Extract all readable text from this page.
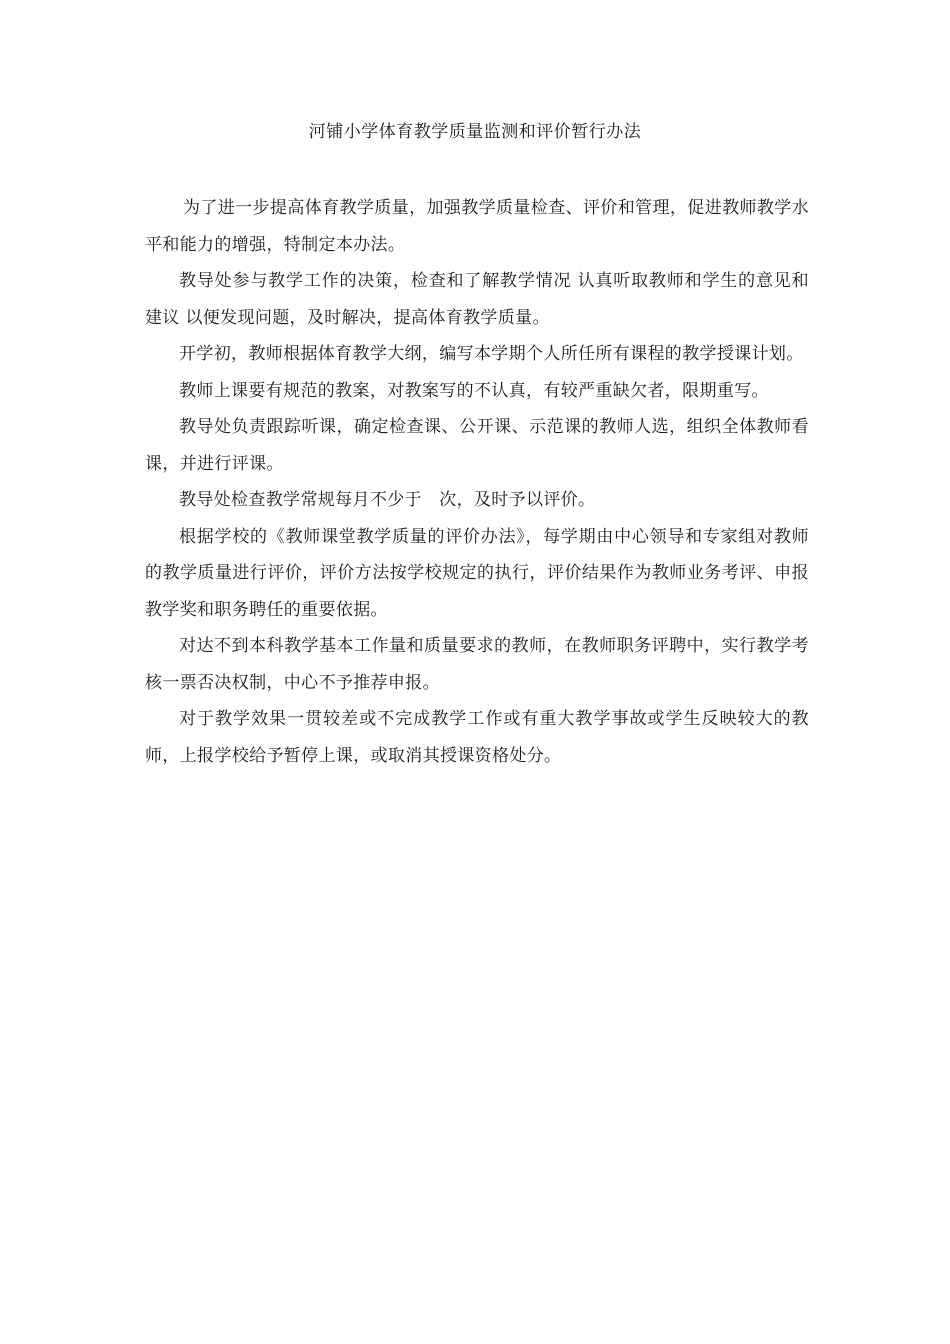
河铺小学体育教学质量监测和评价暂行办法

为了进一步提高体育教学质量，加强教学质量检查、评价和管理，促进教师教学水平和能力的增强，特制定本办法。

教导处参与教学工作的决策，检查和了解教学情况 认真听取教师和学生的意见和建议 以便发现问题，及时解决，提高体育教学质量。

开学初，教师根据体育教学大纲，编写本学期个人所任所有课程的教学授课计划。

教师上课要有规范的教案，对教案写的不认真，有较严重缺欠者，限期重写。

教导处负责跟踪听课，确定检查课、公开课、示范课的教师人选，组织全体教师看课，并进行评课。

教导处检查教学常规每月不少于　次，及时予以评价。

根据学校的《教师课堂教学质量的评价办法》，每学期由中心领导和专家组对教师的教学质量进行评价，评价方法按学校规定的执行，评价结果作为教师业务考评、申报教学奖和职务聘任的重要依据。

对达不到本科教学基本工作量和质量要求的教师，在教师职务评聘中，实行教学考核一票否决权制，中心不予推荐申报。

对于教学效果一贯较差或不完成教学工作或有重大教学事故或学生反映较大的教师，上报学校给予暂停上课，或取消其授课资格处分。
